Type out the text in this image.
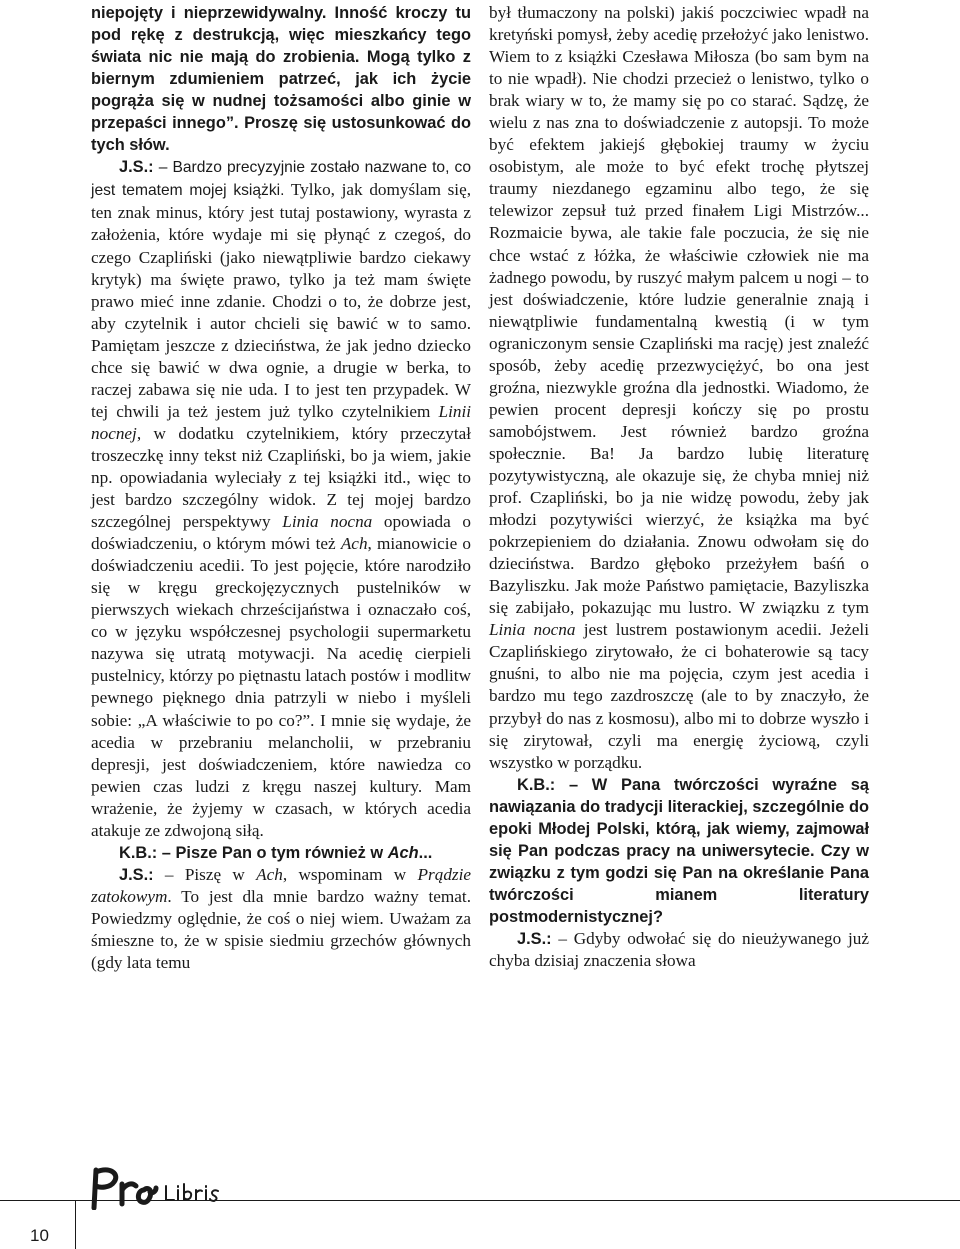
niepojęty i nieprzewidywalny. Inność kroczy tu pod rękę z destrukcją, więc mieszkańcy tego świata nic nie mają do zrobienia. Mogą tylko z biernym zdumieniem patrzeć, jak ich życie pogrąża się w nudnej tożsamości albo ginie w przepaści innego”. Proszę się ustosunkować do tych słów.

J.S.: – Bardzo precyzyjnie zostało nazwane to, co jest tematem mojej książki. Tylko, jak domyślam się, ten znak minus, który jest tutaj postawiony, wyrasta z założenia, które wydaje mi się płynąć z czegoś, do czego Czapliński (jako niewątpliwie bardzo ciekawy krytyk) ma święte prawo, tylko ja też mam święte prawo mieć inne zdanie. Chodzi o to, że dobrze jest, aby czytelnik i autor chcieli się bawić w to samo. Pamiętam jeszcze z dzieciństwa, że jak jedno dziecko chce się bawić w dwa ognie, a drugie w berka, to raczej zabawa się nie uda. I to jest ten przypadek. W tej chwili ja też jestem już tylko czytelnikiem Linii nocnej, w dodatku czytelnikiem, który przeczytał troszeczkę inny tekst niż Czapliński, bo ja wiem, jakie np. opowiadania wyleciały z tej książki itd., więc to jest bardzo szczególny widok. Z tej mojej bardzo szczególnej perspektywy Linia nocna opowiada o doświadczeniu, o którym mówi też Ach, mianowicie o doświadczeniu acedii. To jest pojęcie, które narodziło się w kręgu greckojęzycznych pustelników w pierwszych wiekach chrześcijaństwa i oznaczało coś, co w języku współczesnej psychologii supermarketu nazywa się utratą motywacji. Na acedię cierpieli pustelnicy, którzy po piętnastu latach postów i modlitw pewnego pięknego dnia patrzyli w niebo i myśleli sobie: „A właściwie to po co?”. I mnie się wydaje, że acedia w przebraniu melancholii, w przebraniu depresji, jest doświadczeniem, które nawiedza co pewien czas ludzi z kręgu naszej kultury. Mam wrażenie, że żyjemy w czasach, w których acedia atakuje ze zdwojoną siłą.

K.B.: – Pisze Pan o tym również w Ach...

J.S.: – Piszę w Ach, wspominam w Prądzie zatokowym. To jest dla mnie bardzo ważny temat. Powiedzmy oględnie, że coś o niej wiem. Uważam za śmieszne to, że w spisie siedmiu grzechów głównych (gdy lata temu

był tłumaczony na polski) jakiś poczciwiec wpadł na kretyński pomysł, żeby acedię przełożyć jako lenistwo. Wiem to z książki Czesława Miłosza (bo sam bym na to nie wpadł). Nie chodzi przecież o lenistwo, tylko o brak wiary w to, że mamy się po co starać. Sądzę, że wielu z nas zna to doświadczenie z autopsji. To może być efektem jakiejś głębokiej traumy w życiu osobistym, ale może to być efekt trochę płytszej traumy niezdanego egzaminu albo tego, że się telewizor zepsuł tuż przed finałem Ligi Mistrzów... Rozmaicie bywa, ale takie fale poczucia, że się nie chce wstać z łóżka, że właściwie człowiek nie ma żadnego powodu, by ruszyć małym palcem u nogi – to jest doświadczenie, które ludzie generalnie znają i niewątpliwie fundamentalną kwestią (i w tym ograniczonym sensie Czapliński ma rację) jest znaleźć sposób, żeby acedię przezwyciężyć, bo ona jest groźna, niezwykle groźna dla jednostki. Wiadomo, że pewien procent depresji kończy się po prostu samobójstwem. Jest również bardzo groźna społecznie. Ba! Ja bardzo lubię literaturę pozytywistyczną, ale okazuje się, że chyba mniej niż prof. Czapliński, bo ja nie widzę powodu, żeby jak młodzi pozytywiści wierzyć, że książka ma być pokrzepieniem do działania. Znowu odwołam się do dzieciństwa. Bardzo głęboko przeżyłem baśń o Bazyliszku. Jak może Państwo pamiętacie, Bazyliszka się zabijało, pokazując mu lustro. W związku z tym Linia nocna jest lustrem postawionym acedii. Jeżeli Czaplińskiego zirytowało, że ci bohaterowie są tacy gnuśni, to albo nie ma pojęcia, czym jest acedia i bardzo mu tego zazdroszczę (ale to by znaczyło, że przybył do nas z kosmosu), albo mi to dobrze wyszło i się zirytował, czyli ma energię życiową, czyli wszystko w porządku.

K.B.: – W Pana twórczości wyraźne są nawiązania do tradycji literackiej, szczególnie do epoki Młodej Polski, którą, jak wiemy, zajmował się Pan podczas pracy na uniwersytecie. Czy w związku z tym godzi się Pan na określanie Pana twórczości mianem literatury postmodernistycznej?

J.S.: – Gdyby odwołać się do nieużywanego już chyba dzisiaj znaczenia słowa

10
